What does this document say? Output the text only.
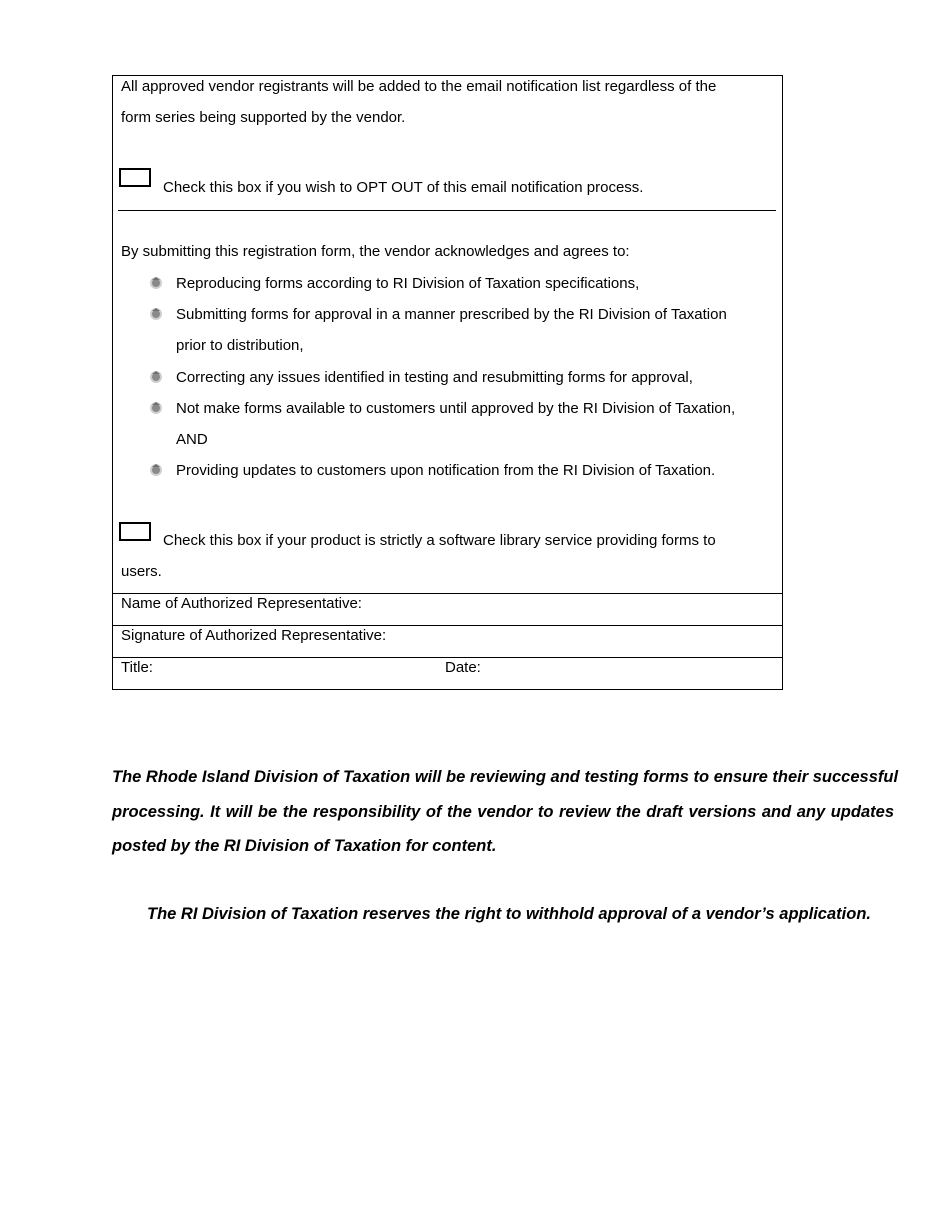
All approved vendor registrants will be added to the email notification list regardless of the
form series being supported by the vendor.
Check this box if you wish to OPT OUT of this email notification process.
By submitting this registration form, the vendor acknowledges and agrees to:
Reproducing forms according to RI Division of Taxation specifications,
Submitting forms for approval in a manner prescribed by the RI Division of Taxation
prior to distribution,
Correcting any issues identified in testing and resubmitting forms for approval,
Not make forms available to customers until approved by the RI Division of Taxation,
AND
Providing updates to customers upon notification from the RI Division of Taxation.
Check this box if your product is strictly a software library service providing forms to
users.
Name of Authorized Representative:
Signature of Authorized Representative:
Title:	Date:
The Rhode Island Division of Taxation will be reviewing and testing forms to ensure their successful
processing. It will be the responsibility of the vendor to review the draft versions and any updates
posted by the RI Division of Taxation for content.
The RI Division of Taxation reserves the right to withhold approval of a vendor’s application.
